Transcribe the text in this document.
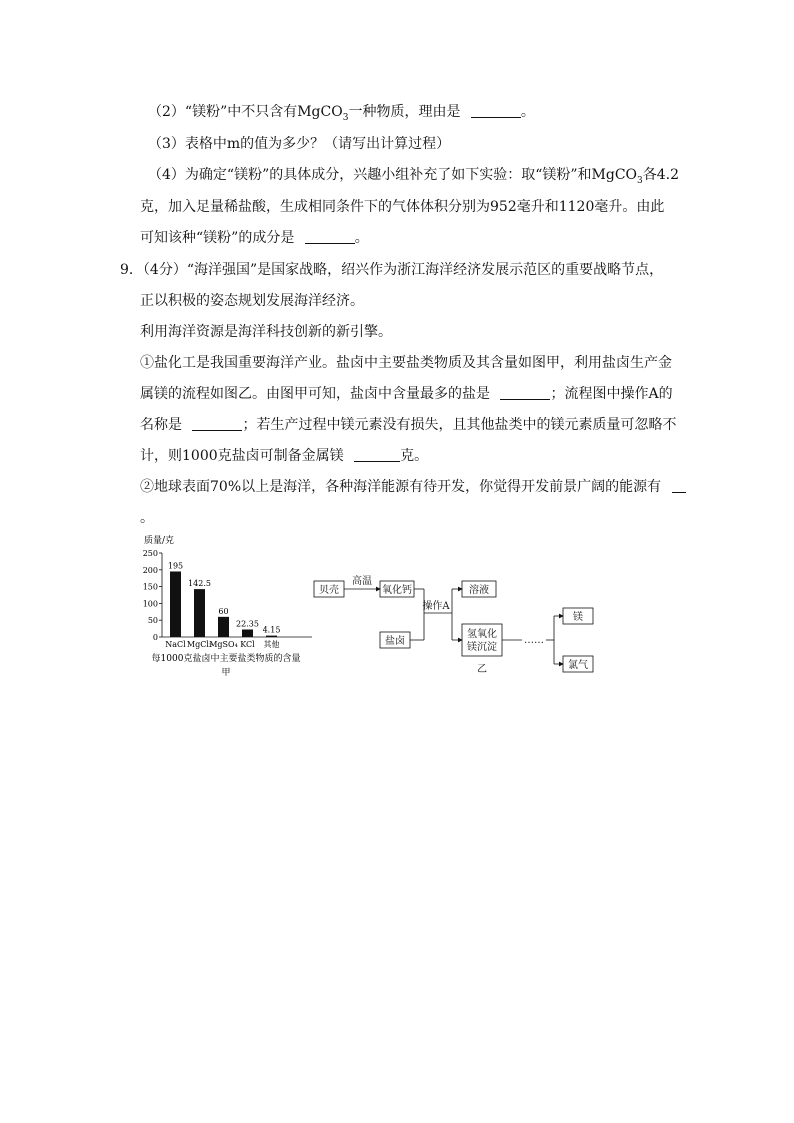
（2）“镁粉”中不只含有MgCO$_3$一种物质，理由是	。
（3）表格中m的值为多少？（请写出计算过程）
（4）为确定“镁粉”的具体成分，兴趣小组补充了如下实验：取“镁粉”和MgCO$_3$各4.2
克，加入足量稀盐酸，生成相同条件下的气体体积分别为952毫升和1120毫升。由此
可知该种“镁粉”的成分是	。
9．（4分）“海洋强国”是国家战略，绍兴作为浙江海洋经济发展示范区的重要战略节点，
正以积极的姿态规划发展海洋经济。
利用海洋资源是海洋科技创新的新引擎。
①盐化工是我国重要海洋产业。盐卤中主要盐类物质及其含量如图甲，利用盐卤生产金
属镁的流程如图乙。由图甲可知，盐卤中含量最多的盐是	；流程图中操作A的
名称是	；若生产过程中镁元素没有损失，且其他盐类中的镁元素质量可忽略不
计，则1000克盐卤可制备金属镁	克。
②地球表面70%以上是海洋，各种海洋能源有待开发，你觉得开发前景广阔的能源有
。
质量/克
0
50
100
150
200
250
195
NaCl
142.5
MgCl₂
60
MgSO₄
22.35
KCl
4.15
其他
每1000克盐卤中主要盐类物质的含量
甲
贝壳	氧化钙
盐卤
溶液
氢氧化
镁沉淀
镁
氯气
高温
操作A
……
乙
